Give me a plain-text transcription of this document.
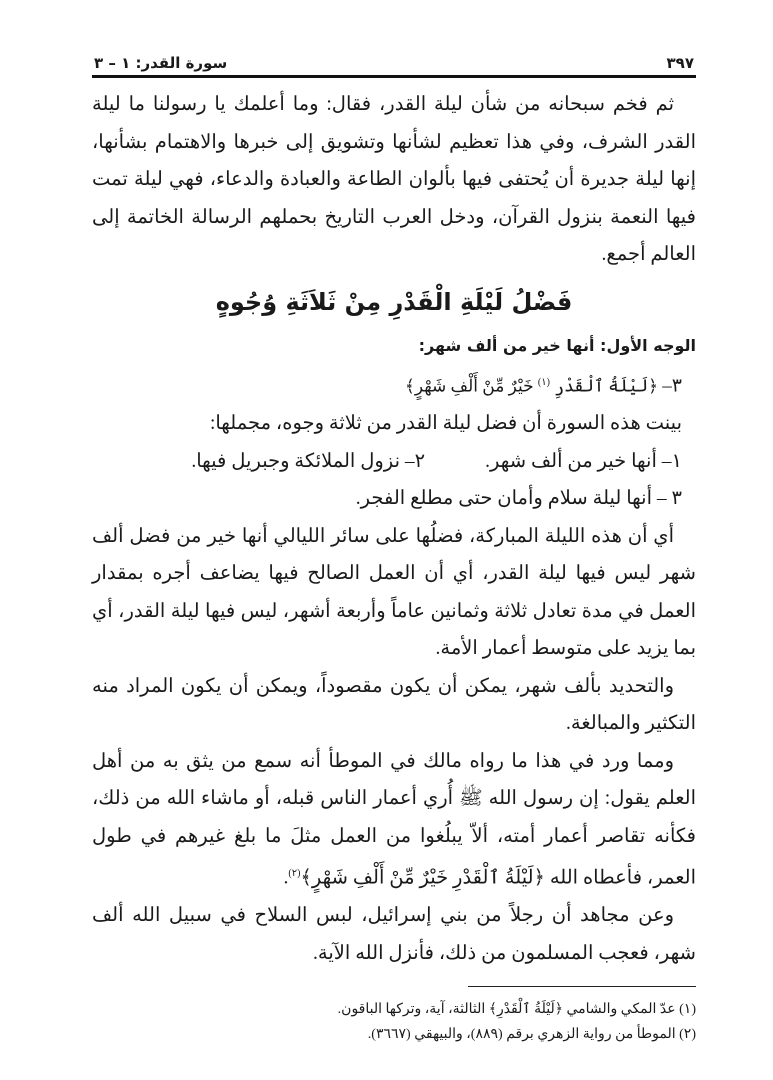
٣٩٧
سورة القدر: ١ – ٣

ثم فخم سبحانه من شأن ليلة القدر، فقال: وما أعلمك يا رسولنا ما ليلة القدر الشرف، وفي هذا تعظيم لشأنها وتشويق إلى خبرها والاهتمام بشأنها، إنها ليلة جديرة أن يُحتفى فيها بألوان الطاعة والعبادة والدعاء، فهي ليلة تمت فيها النعمة بنزول القرآن، ودخل العرب التاريخ بحملهم الرسالة الخاتمة إلى العالم أجمع.

فَضْلُ لَيْلَةِ الْقَدْرِ مِنْ ثَلاَثَةِ وُجُوهٍ
الوجه الأول: أنها خير من ألف شهر:
٣– ﴿لَيْلَةُ ٱلْقَدْرِ $^{(١)}$ خَيْرٌ مِّنْ أَلْفِ شَهْرٍ﴾

بينت هذه السورة أن فضل ليلة القدر من ثلاثة وجوه، مجملها:

١– أنها خير من ألف شهر.
٢– نزول الملائكة وجبريل فيها.

٣ – أنها ليلة سلام وأمان حتى مطلع الفجر.

أي أن هذه الليلة المباركة، فضلُها على سائر الليالي أنها خير من فضل ألف شهر ليس فيها ليلة القدر، أي أن العمل الصالح فيها يضاعف أجره بمقدار العمل في مدة تعادل ثلاثة وثمانين عاماً وأربعة أشهر، ليس فيها ليلة القدر، أي بما يزيد على متوسط أعمار الأمة.

والتحديد بألف شهر، يمكن أن يكون مقصوداً، ويمكن أن يكون المراد منه التكثير والمبالغة.

ومما ورد في هذا ما رواه مالك في الموطأ أنه سمع من يثق به من أهل العلم يقول: إن رسول الله ﷺ أُري أعمار الناس قبله، أو ماشاء الله من ذلك، فكأنه تقاصر أعمار أمته، ألاّ يبلُغوا من العمل مثلَ ما بلغ غيرهم في طول العمر، فأعطاه الله ﴿لَيْلَةُ ٱلْقَدْرِ خَيْرٌ مِّنْ أَلْفِ شَهْرٍ﴾$^{(٢)}$.

وعن مجاهد أن رجلاً من بني إسرائيل، لبس السلاح في سبيل الله ألف شهر، فعجب المسلمون من ذلك، فأنزل الله الآية.

(١) عدّ المكي والشامي ﴿لَيْلَةُ ٱلْقَدْرِ﴾ الثالثة، آية، وتركها الباقون.

(٢) الموطأ من رواية الزهري برقم (٨٨٩)، والبيهقي (٣٦٦٧).
